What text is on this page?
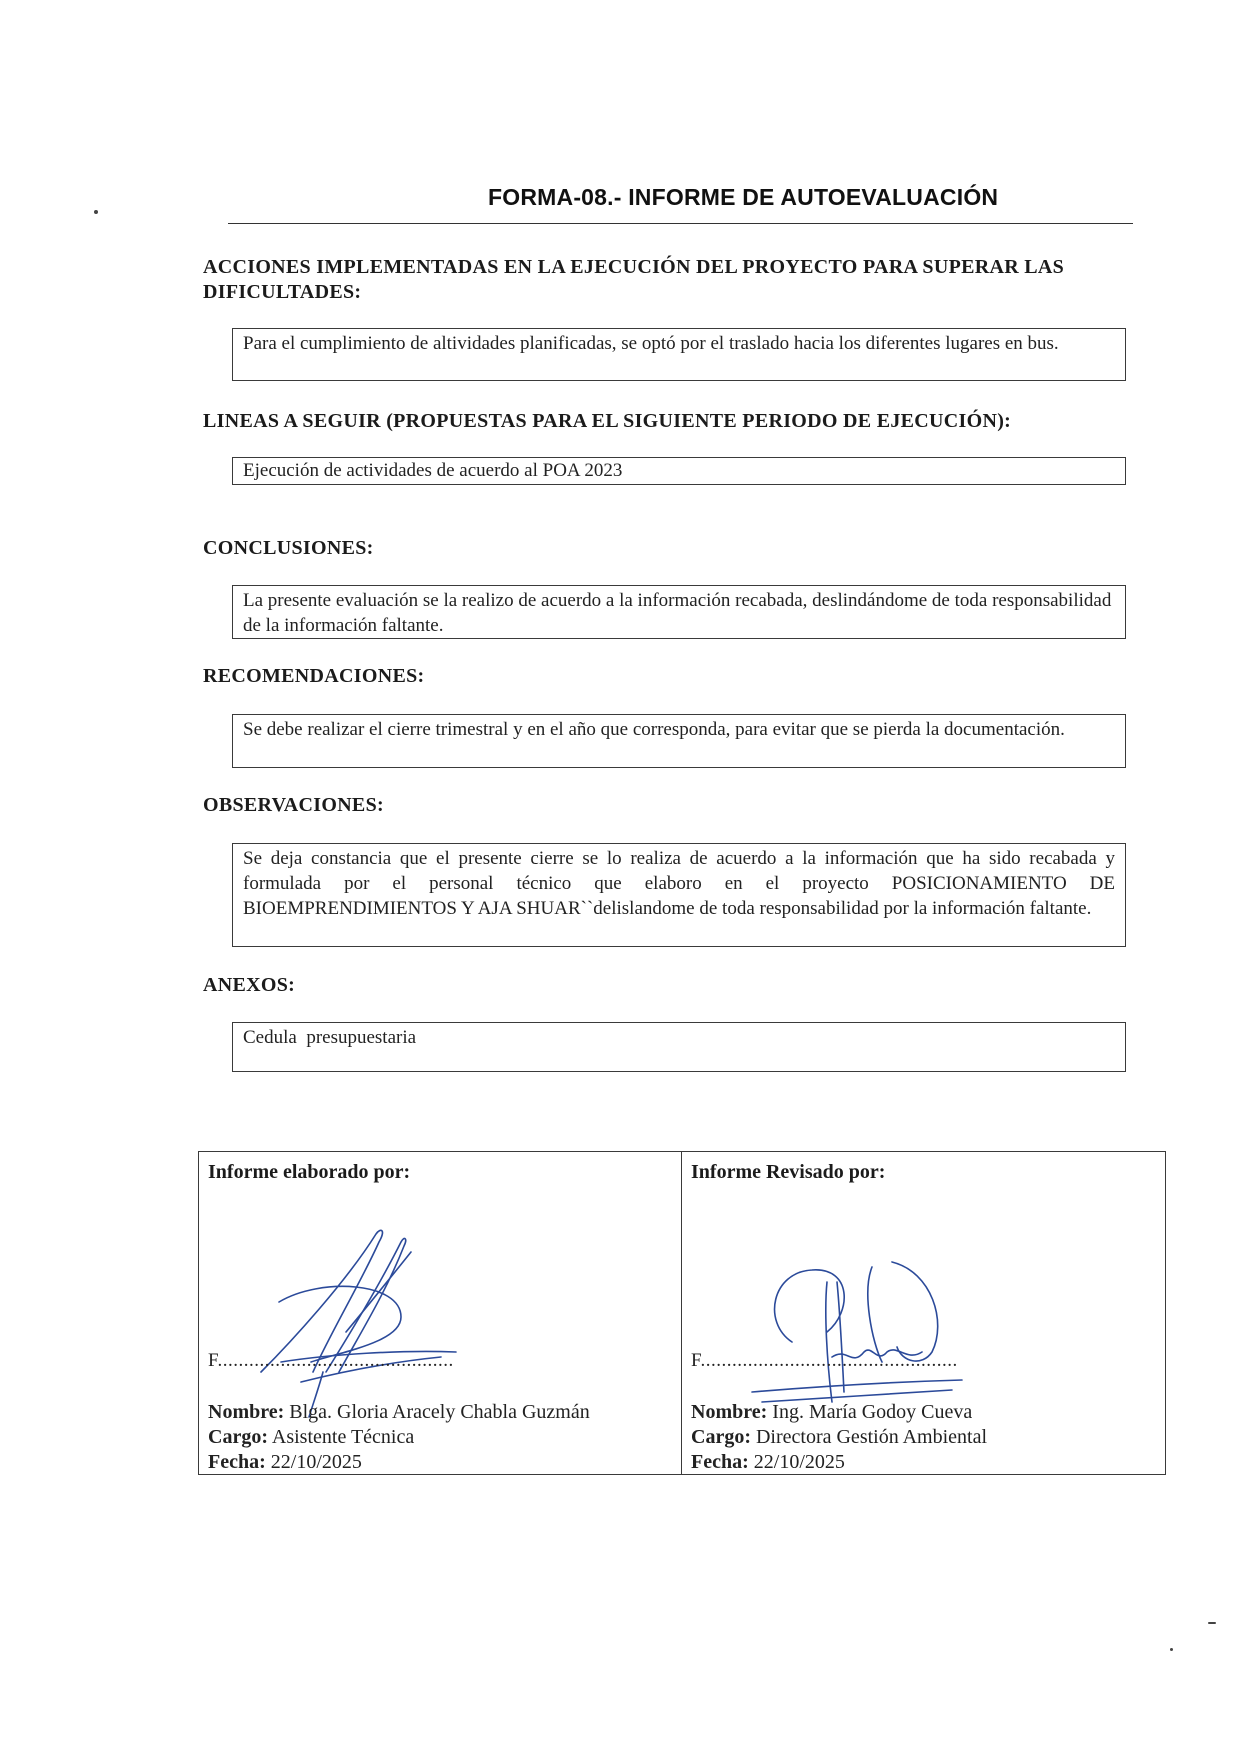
FORMA-08.- INFORME DE AUTOEVALUACIÓN
ACCIONES IMPLEMENTADAS EN LA EJECUCIÓN DEL PROYECTO PARA SUPERAR LAS DIFICULTADES:

Para el cumplimiento de altividades planificadas, se optó por el traslado hacia los diferentes lugares en bus.

LINEAS A SEGUIR (PROPUESTAS PARA EL SIGUIENTE PERIODO DE EJECUCIÓN):

Ejecución de actividades de acuerdo al POA 2023

CONCLUSIONES:

La presente evaluación se la realizo de acuerdo a la información recabada, deslindándome de toda responsabilidad de la información faltante.

RECOMENDACIONES:

Se debe realizar el cierre trimestral y en el año que corresponda, para evitar que se pierda la documentación.

OBSERVACIONES:

Se deja constancia que el presente cierre se lo realiza de acuerdo a la información que ha sido recabada y formulada por el personal técnico que elaboro en el proyecto POSICIONAMIENTO DE BIOEMPRENDIMIENTOS Y AJA SHUAR``delislandome de toda responsabilidad por la información faltante.

ANEXOS:

Cedula  presupuestaria

Informe elaborado por:
F.............................................
Nombre: Blga. Gloria Aracely Chabla Guzmán
Cargo: Asistente Técnica
Fecha: 22/10/2025
Informe Revisado por:
F.................................................
Nombre: Ing. María Godoy Cueva
Cargo: Directora Gestión Ambiental
Fecha: 22/10/2025
